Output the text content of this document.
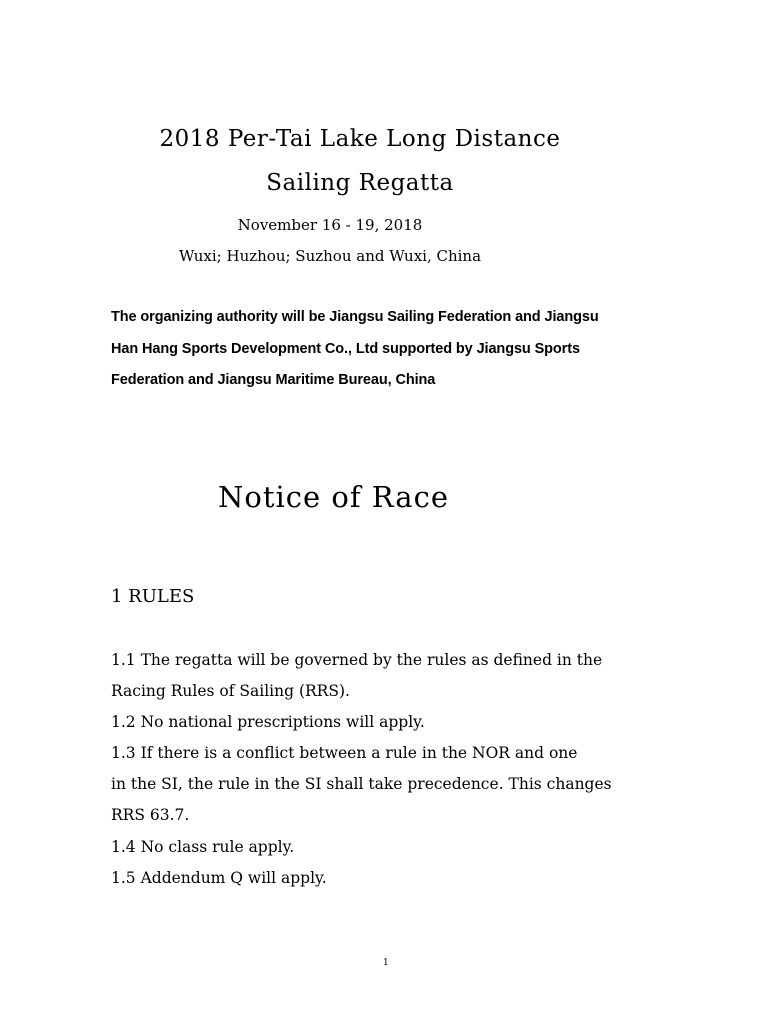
2018 Per-Tai Lake Long Distance
Sailing Regatta
November 16 - 19, 2018
Wuxi; Huzhou; Suzhou and Wuxi, China
The organizing authority will be Jiangsu Sailing Federation and Jiangsu
Han Hang Sports Development Co., Ltd supported by Jiangsu Sports
Federation and Jiangsu Maritime Bureau, China
Notice of Race
1 RULES
1.1 The regatta will be governed by the rules as defined in the
Racing Rules of Sailing (RRS).
1.2 No national prescriptions will apply.
1.3 If there is a conflict between a rule in the NOR and one
in the SI, the rule in the SI shall take precedence. This changes
RRS 63.7.
1.4 No class rule apply.
1.5 Addendum Q will apply.
1
